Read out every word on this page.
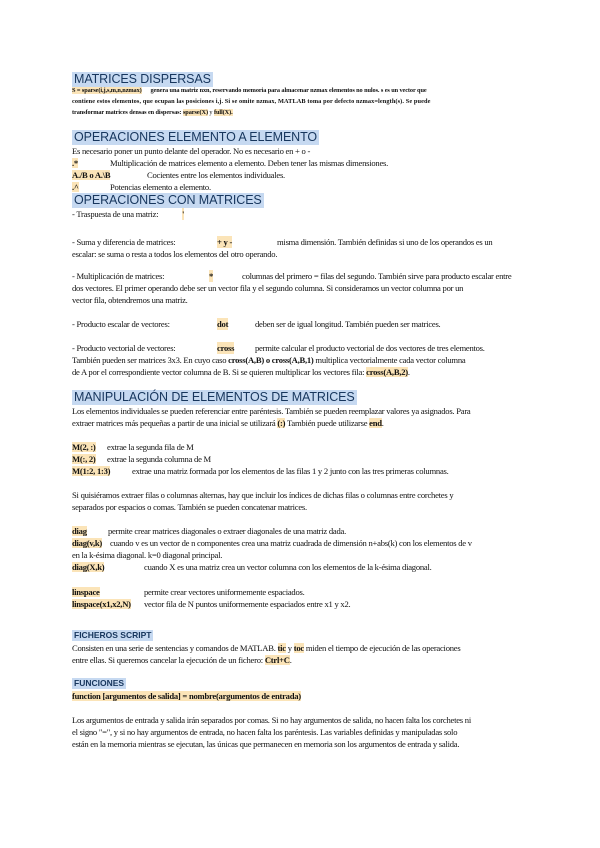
MATRICES DISPERSAS
S = sparse(i,j,s,m,n,nzmax) genera una matriz nxn, reservando memoria para almacenar nzmax elementos no nulos. s es un vector que
contiene estos elementos, que ocupan las posiciones i,j. Si se omite nzmax, MATLAB toma por defecto nzmax=length(s). Se puede
transformar matrices densas en dispersas: sparse(X) y full(X).
OPERACIONES ELEMENTO A ELEMENTO
Es necesario poner un punto delante del operador. No es necesario en + o -
.*	Multiplicación de matrices elemento a elemento. Deben tener las mismas dimensiones.
A./B o A.\B	Cocientes entre los elementos individuales.
.^	Potencias elemento a elemento.
OPERACIONES CON MATRICES
- Traspuesta de una matriz:	'
- Suma y diferencia de matrices:	+ y -	misma dimensión. También definidas si uno de los operandos es un
escalar: se suma o resta a todos los elementos del otro operando.
- Multiplicación de matrices:	*	columnas del primero = filas del segundo. También sirve para producto escalar entre
dos vectores. El primer operando debe ser un vector fila y el segundo columna. Si consideramos un vector columna por un
vector fila, obtendremos una matriz.
- Producto escalar de vectores:	dot	deben ser de igual longitud. También pueden ser matrices.
- Producto vectorial de vectores:	cross permite calcular el producto vectorial de dos vectores de tres elementos.
También pueden ser matrices 3x3. En cuyo caso cross(A,B) o cross(A,B,1) multiplica vectorialmente cada vector columna
de A por el correspondiente vector columna de B. Si se quieren multiplicar los vectores fila: cross(A,B,2).
MANIPULACIÓN DE ELEMENTOS DE MATRICES
Los elementos individuales se pueden referenciar entre paréntesis. También se pueden reemplazar valores ya asignados. Para
extraer matrices más pequeñas a partir de una inicial se utilizará (:) También puede utilizarse end.
M(2, :) extrae la segunda fila de M
M(:, 2) extrae la segunda columna de M
M(1:2, 1:3)	extrae una matriz formada por los elementos de las filas 1 y 2 junto con las tres primeras columnas.
Si quisiéramos extraer filas o columnas alternas, hay que incluir los índices de dichas filas o columnas entre corchetes y
separados por espacios o comas. También se pueden concatenar matrices.
diag permite crear matrices diagonales o extraer diagonales de una matriz dada.
diag(v,k) cuando v es un vector de n componentes crea una matriz cuadrada de dimensión n+abs(k) con los elementos de v
en la k-ésima diagonal. k=0 diagonal principal.
diag(X,k)	cuando X es una matriz crea un vector columna con los elementos de la k-ésima diagonal.
linspace	permite crear vectores uniformemente espaciados.
linspace(x1,x2,N) vector fila de N puntos uniformemente espaciados entre x1 y x2.
FICHEROS SCRIPT
Consisten en una serie de sentencias y comandos de MATLAB. tic y toc miden el tiempo de ejecución de las operaciones
entre ellas. Si queremos cancelar la ejecución de un fichero: Ctrl+C.
FUNCIONES
function [argumentos de salida] = nombre(argumentos de entrada)
Los argumentos de entrada y salida irán separados por comas. Si no hay argumentos de salida, no hacen falta los corchetes ni
el signo "=", y si no hay argumentos de entrada, no hacen falta los paréntesis. Las variables definidas y manipuladas solo
están en la memoria mientras se ejecutan, las únicas que permanecen en memoria son los argumentos de entrada y salida.
